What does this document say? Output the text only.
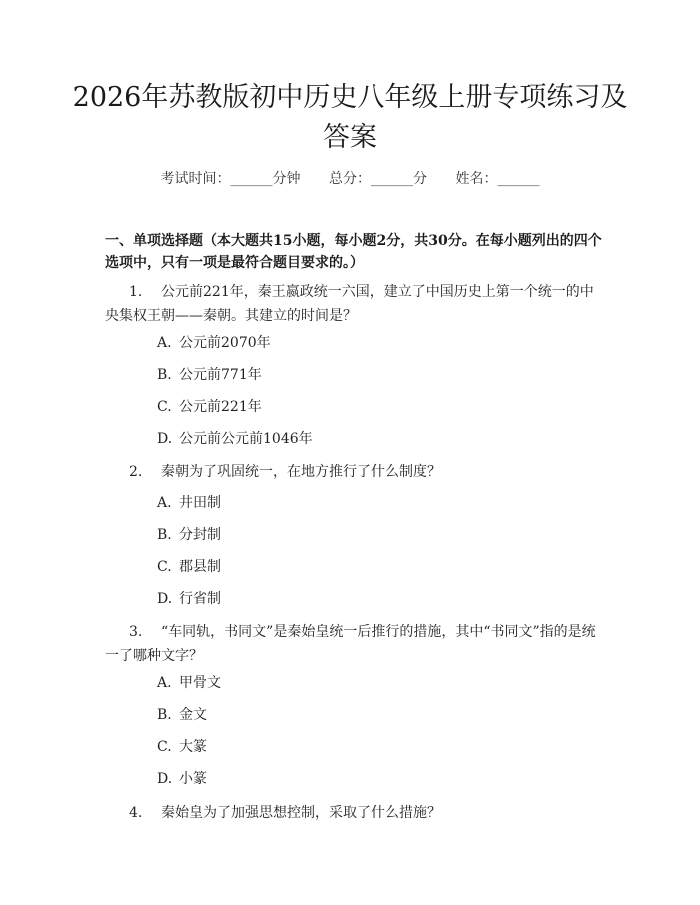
2026年苏教版初中历史八年级上册专项练习及答案
考试时间：______分钟 总分：______分 姓名：______
一、单项选择题（本大题共15小题，每小题2分，共30分。在每小题列出的四个选项中，只有一项是最符合题目要求的。）
1. 公元前221年，秦王嬴政统一六国，建立了中国历史上第一个统一的中央集权王朝——秦朝。其建立的时间是？
A. 公元前2070年
B. 公元前771年
C. 公元前221年
D. 公元前公元前1046年
2. 秦朝为了巩固统一，在地方推行了什么制度？
A. 井田制
B. 分封制
C. 郡县制
D. 行省制
3. “车同轨，书同文”是秦始皇统一后推行的措施，其中“书同文”指的是统一了哪种文字？
A. 甲骨文
B. 金文
C. 大篆
D. 小篆
4. 秦始皇为了加强思想控制，采取了什么措施？
